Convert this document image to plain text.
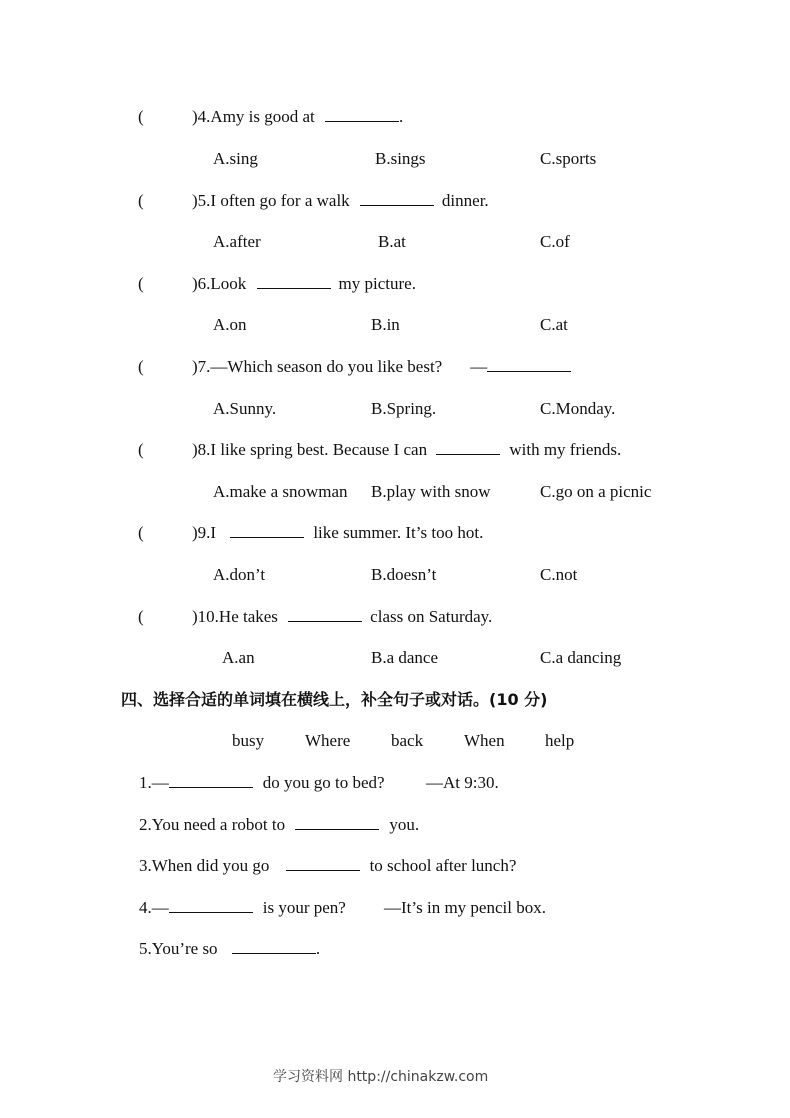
(	)4.Amy is good at	.
A.sing	B.sings	C.sports
(	)5.I often go for a walk	dinner.
A.after	B.at	C.of
(	)6.Look	my picture.
A.on	B.in	C.at
(	)7.—Which season do you like best? —
A.Sunny.	B.Spring.	C.Monday.
(	)8.I like spring best. Because I can	with my friends.
A.make a snowman B.play with snow	C.go on a picnic
(	)9.I	like summer. It’s too hot.
A.don’t	B.doesn’t	C.not
(	)10.He takes	class on Saturday.
A.an	B.a dance	C.a dancing
四、选择合适的单词填在横线上，补全句子或对话。(10 分)
busy Where back When help
1.—	do you go to bed? —At 9:30.
2.You need a robot to	you.
3.When did you go	to school after lunch?
4.—	is your pen? —It’s in my pencil box.
5.You’re so	.
学习资料网 http://chinakzw.com
